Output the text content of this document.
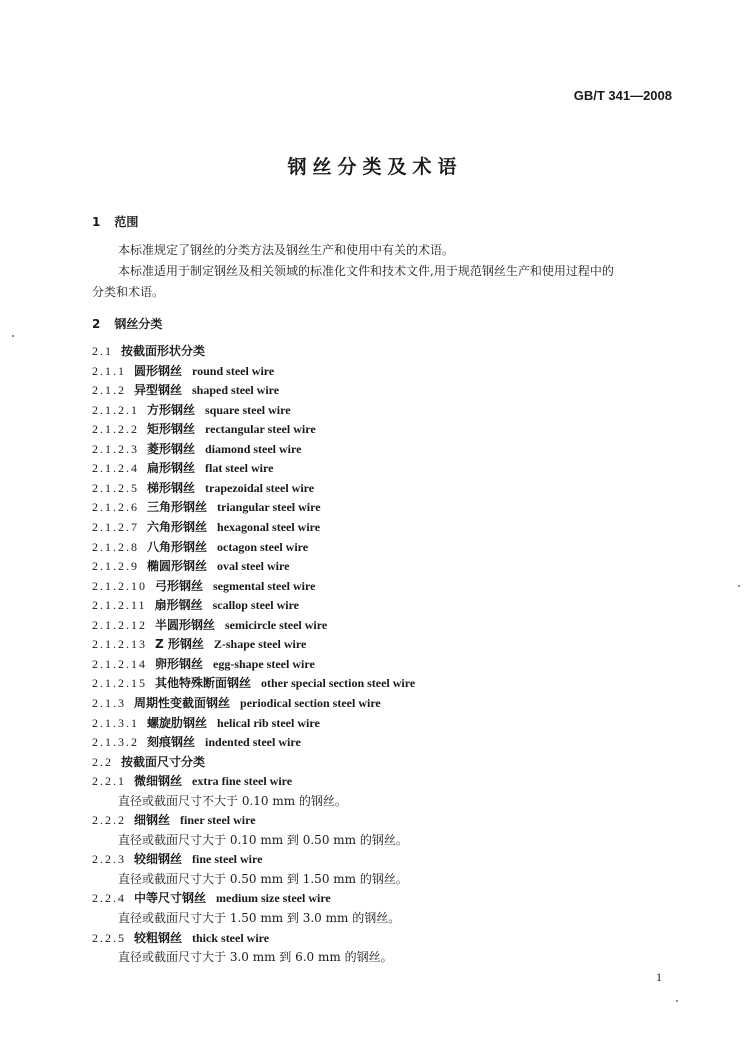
GB/T 341—2008
钢丝分类及术语
1 范围
本标准规定了钢丝的分类方法及钢丝生产和使用中有关的术语。
本标准适用于制定钢丝及相关领域的标准化文件和技术文件,用于规范钢丝生产和使用过程中的
分类和术语。
2 钢丝分类
2.1 按截面形状分类
2.1.1 圆形钢丝 round steel wire
2.1.2 异型钢丝 shaped steel wire
2.1.2.1 方形钢丝 square steel wire
2.1.2.2 矩形钢丝 rectangular steel wire
2.1.2.3 菱形钢丝 diamond steel wire
2.1.2.4 扁形钢丝 flat steel wire
2.1.2.5 梯形钢丝 trapezoidal steel wire
2.1.2.6 三角形钢丝 triangular steel wire
2.1.2.7 六角形钢丝 hexagonal steel wire
2.1.2.8 八角形钢丝 octagon steel wire
2.1.2.9 椭圆形钢丝 oval steel wire
2.1.2.10 弓形钢丝 segmental steel wire
2.1.2.11 扇形钢丝 scallop steel wire
2.1.2.12 半圆形钢丝 semicircle steel wire
2.1.2.13 Z 形钢丝 Z-shape steel wire
2.1.2.14 卵形钢丝 egg-shape steel wire
2.1.2.15 其他特殊断面钢丝 other special section steel wire
2.1.3 周期性变截面钢丝 periodical section steel wire
2.1.3.1 螺旋肋钢丝 helical rib steel wire
2.1.3.2 刻痕钢丝 indented steel wire
2.2 按截面尺寸分类
2.2.1 微细钢丝 extra fine steel wire
直径或截面尺寸不大于 0.10 mm 的钢丝。
2.2.2 细钢丝 finer steel wire
直径或截面尺寸大于 0.10 mm 到 0.50 mm 的钢丝。
2.2.3 较细钢丝 fine steel wire
直径或截面尺寸大于 0.50 mm 到 1.50 mm 的钢丝。
2.2.4 中等尺寸钢丝 medium size steel wire
直径或截面尺寸大于 1.50 mm 到 3.0 mm 的钢丝。
2.2.5 较粗钢丝 thick steel wire
直径或截面尺寸大于 3.0 mm 到 6.0 mm 的钢丝。
1
